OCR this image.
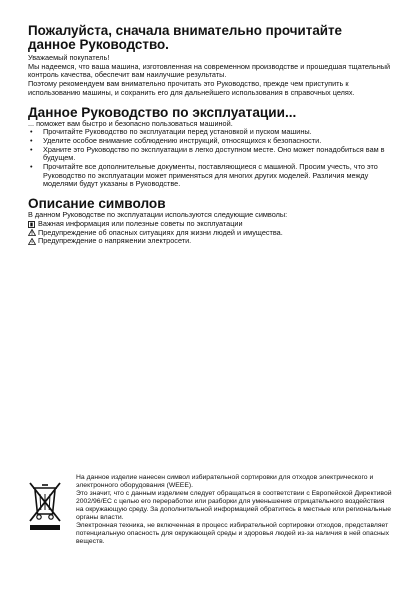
Пожалуйста, сначала внимательно прочитайте данное Руководство.

Уважаемый покупатель!

Мы надеемся, что ваша машина, изготовленная на современном производстве и прошедшая тщательный контроль качества, обеспечит вам наилучшие результаты.

Поэтому рекомендуем вам внимательно прочитать это Руководство, прежде чем приступить к использованию машины, и сохранить его для дальнейшего использования в справочных целях.

Данное Руководство по эксплуатации...

... поможет вам быстро и безопасно пользоваться машиной.

• Прочитайте Руководство по эксплуатации перед установкой и пуском машины.
• Уделите особое внимание соблюдению инструкций, относящихся к безопасности.
• Храните это Руководство по эксплуатации в легко доступном месте. Оно может понадобиться вам в будущем.
• Прочитайте все дополнительные документы, поставляющиеся с машиной. Просим учесть, что это Руководство по эксплуатации может применяться для многих других моделей. Различия между моделями будут указаны в Руководстве.
Описание символов

В данном Руководстве по эксплуатации используются следующие символы:

Важная информация или полезные советы по эксплуатации
Предупреждение об опасных ситуациях для жизни людей и имущества.
Предупреждение о напряжении электросети.

На данное изделие нанесен символ избирательной сортировки для отходов электрического и электронного оборудования (WEEE).

Это значит, что с данным изделием следует обращаться в соответствии с Европейской Директивой 2002/96/ЕС с целью его переработки или разборки для уменьшения отрицательного воздействия на окружающую среду. За дополнительной информацией обратитесь в местные или региональные органы власти.

Электронная техника, не включенная в процесс избирательной сортировки отходов, представляет потенциальную опасность для окружающей среды и здоровья людей из-за наличия в ней опасных веществ.
